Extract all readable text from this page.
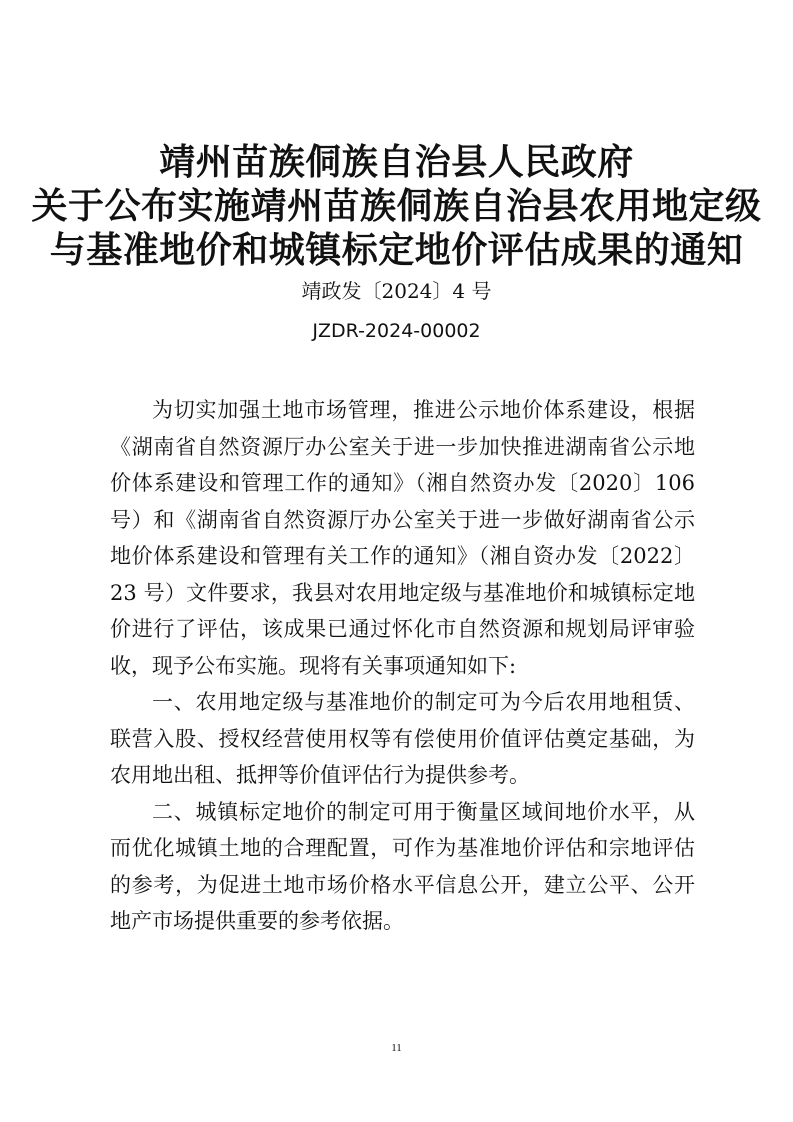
靖州苗族侗族自治县人民政府
关于公布实施靖州苗族侗族自治县农用地定级
与基准地价和城镇标定地价评估成果的通知
靖政发〔2024〕4 号
JZDR-2024-00002

为切实加强土地市场管理，推进公示地价体系建设，根据《湖南省自然资源厅办公室关于进一步加快推进湖南省公示地价体系建设和管理工作的通知》（湘自然资办发〔2020〕106 号）和《湖南省自然资源厅办公室关于进一步做好湖南省公示地价体系建设和管理有关工作的通知》（湘自资办发〔2022〕23 号）文件要求，我县对农用地定级与基准地价和城镇标定地价进行了评估，该成果已通过怀化市自然资源和规划局评审验收，现予公布实施。现将有关事项通知如下:

一、农用地定级与基准地价的制定可为今后农用地租赁、联营入股、授权经营使用权等有偿使用价值评估奠定基础，为农用地出租、抵押等价值评估行为提供参考。

二、城镇标定地价的制定可用于衡量区域间地价水平，从而优化城镇土地的合理配置，可作为基准地价评估和宗地评估的参考，为促进土地市场价格水平信息公开，建立公平、公开地产市场提供重要的参考依据。

11
